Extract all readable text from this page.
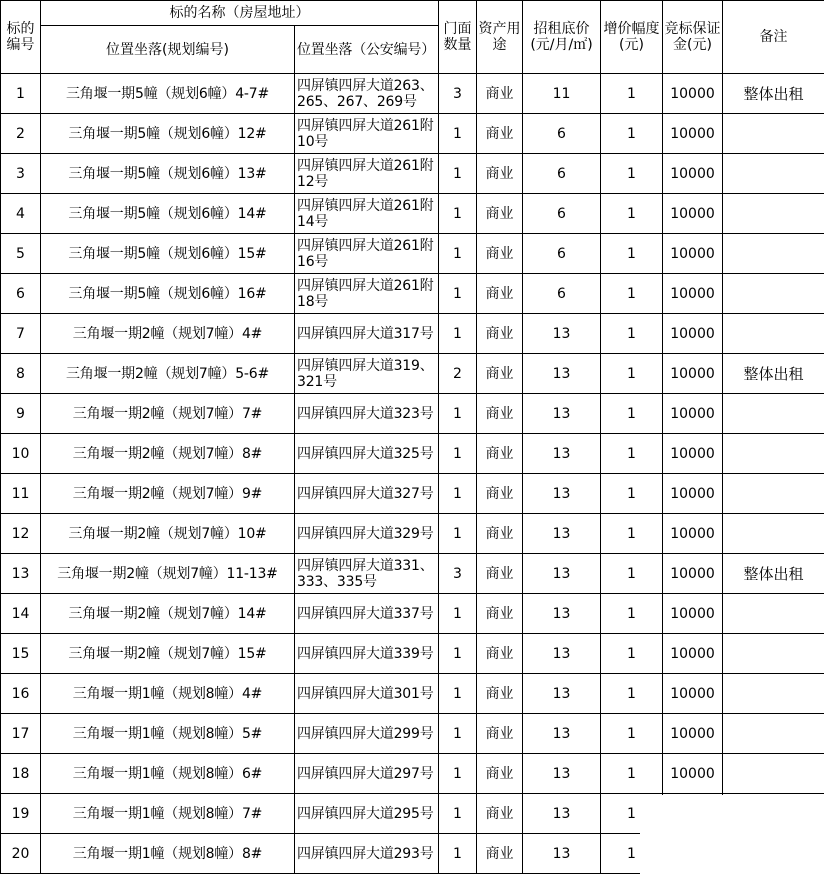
标的编号	标的名称（房屋地址）		门面数量	资产用途	招租底价(元/月/㎡)	增价幅度(元)	竞标保证金(元)	备注
	位置坐落(规划编号)	位置坐落（公安编号）						
1	三角堰一期5幢（规划6幢）4-7#	四屏镇四屏大道263、265、267、269号	3	商业	11	1	10000	整体出租
2	三角堰一期5幢（规划6幢）12#	四屏镇四屏大道261附10号	1	商业	6	1	10000	
3	三角堰一期5幢（规划6幢）13#	四屏镇四屏大道261附12号	1	商业	6	1	10000	
4	三角堰一期5幢（规划6幢）14#	四屏镇四屏大道261附14号	1	商业	6	1	10000	
5	三角堰一期5幢（规划6幢）15#	四屏镇四屏大道261附16号	1	商业	6	1	10000	
6	三角堰一期5幢（规划6幢）16#	四屏镇四屏大道261附18号	1	商业	6	1	10000	
7	三角堰一期2幢（规划7幢）4#	四屏镇四屏大道317号	1	商业	13	1	10000	
8	三角堰一期2幢（规划7幢）5-6#	四屏镇四屏大道319、321号	2	商业	13	1	10000	整体出租
9	三角堰一期2幢（规划7幢）7#	四屏镇四屏大道323号	1	商业	13	1	10000	
10	三角堰一期2幢（规划7幢）8#	四屏镇四屏大道325号	1	商业	13	1	10000	
11	三角堰一期2幢（规划7幢）9#	四屏镇四屏大道327号	1	商业	13	1	10000	
12	三角堰一期2幢（规划7幢）10#	四屏镇四屏大道329号	1	商业	13	1	10000	
13	三角堰一期2幢（规划7幢）11-13#	四屏镇四屏大道331、333、335号	3	商业	13	1	10000	整体出租
14	三角堰一期2幢（规划7幢）14#	四屏镇四屏大道337号	1	商业	13	1	10000	
15	三角堰一期2幢（规划7幢）15#	四屏镇四屏大道339号	1	商业	13	1	10000	
16	三角堰一期1幢（规划8幢）4#	四屏镇四屏大道301号	1	商业	13	1	10000	
17	三角堰一期1幢（规划8幢）5#	四屏镇四屏大道299号	1	商业	13	1	10000	
18	三角堰一期1幢（规划8幢）6#	四屏镇四屏大道297号	1	商业	13	1	10000	
19	三角堰一期1幢（规划8幢）7#	四屏镇四屏大道295号	1	商业	13	1		
20	三角堰一期1幢（规划8幢）8#	四屏镇四屏大道293号	1	商业	13	1		
